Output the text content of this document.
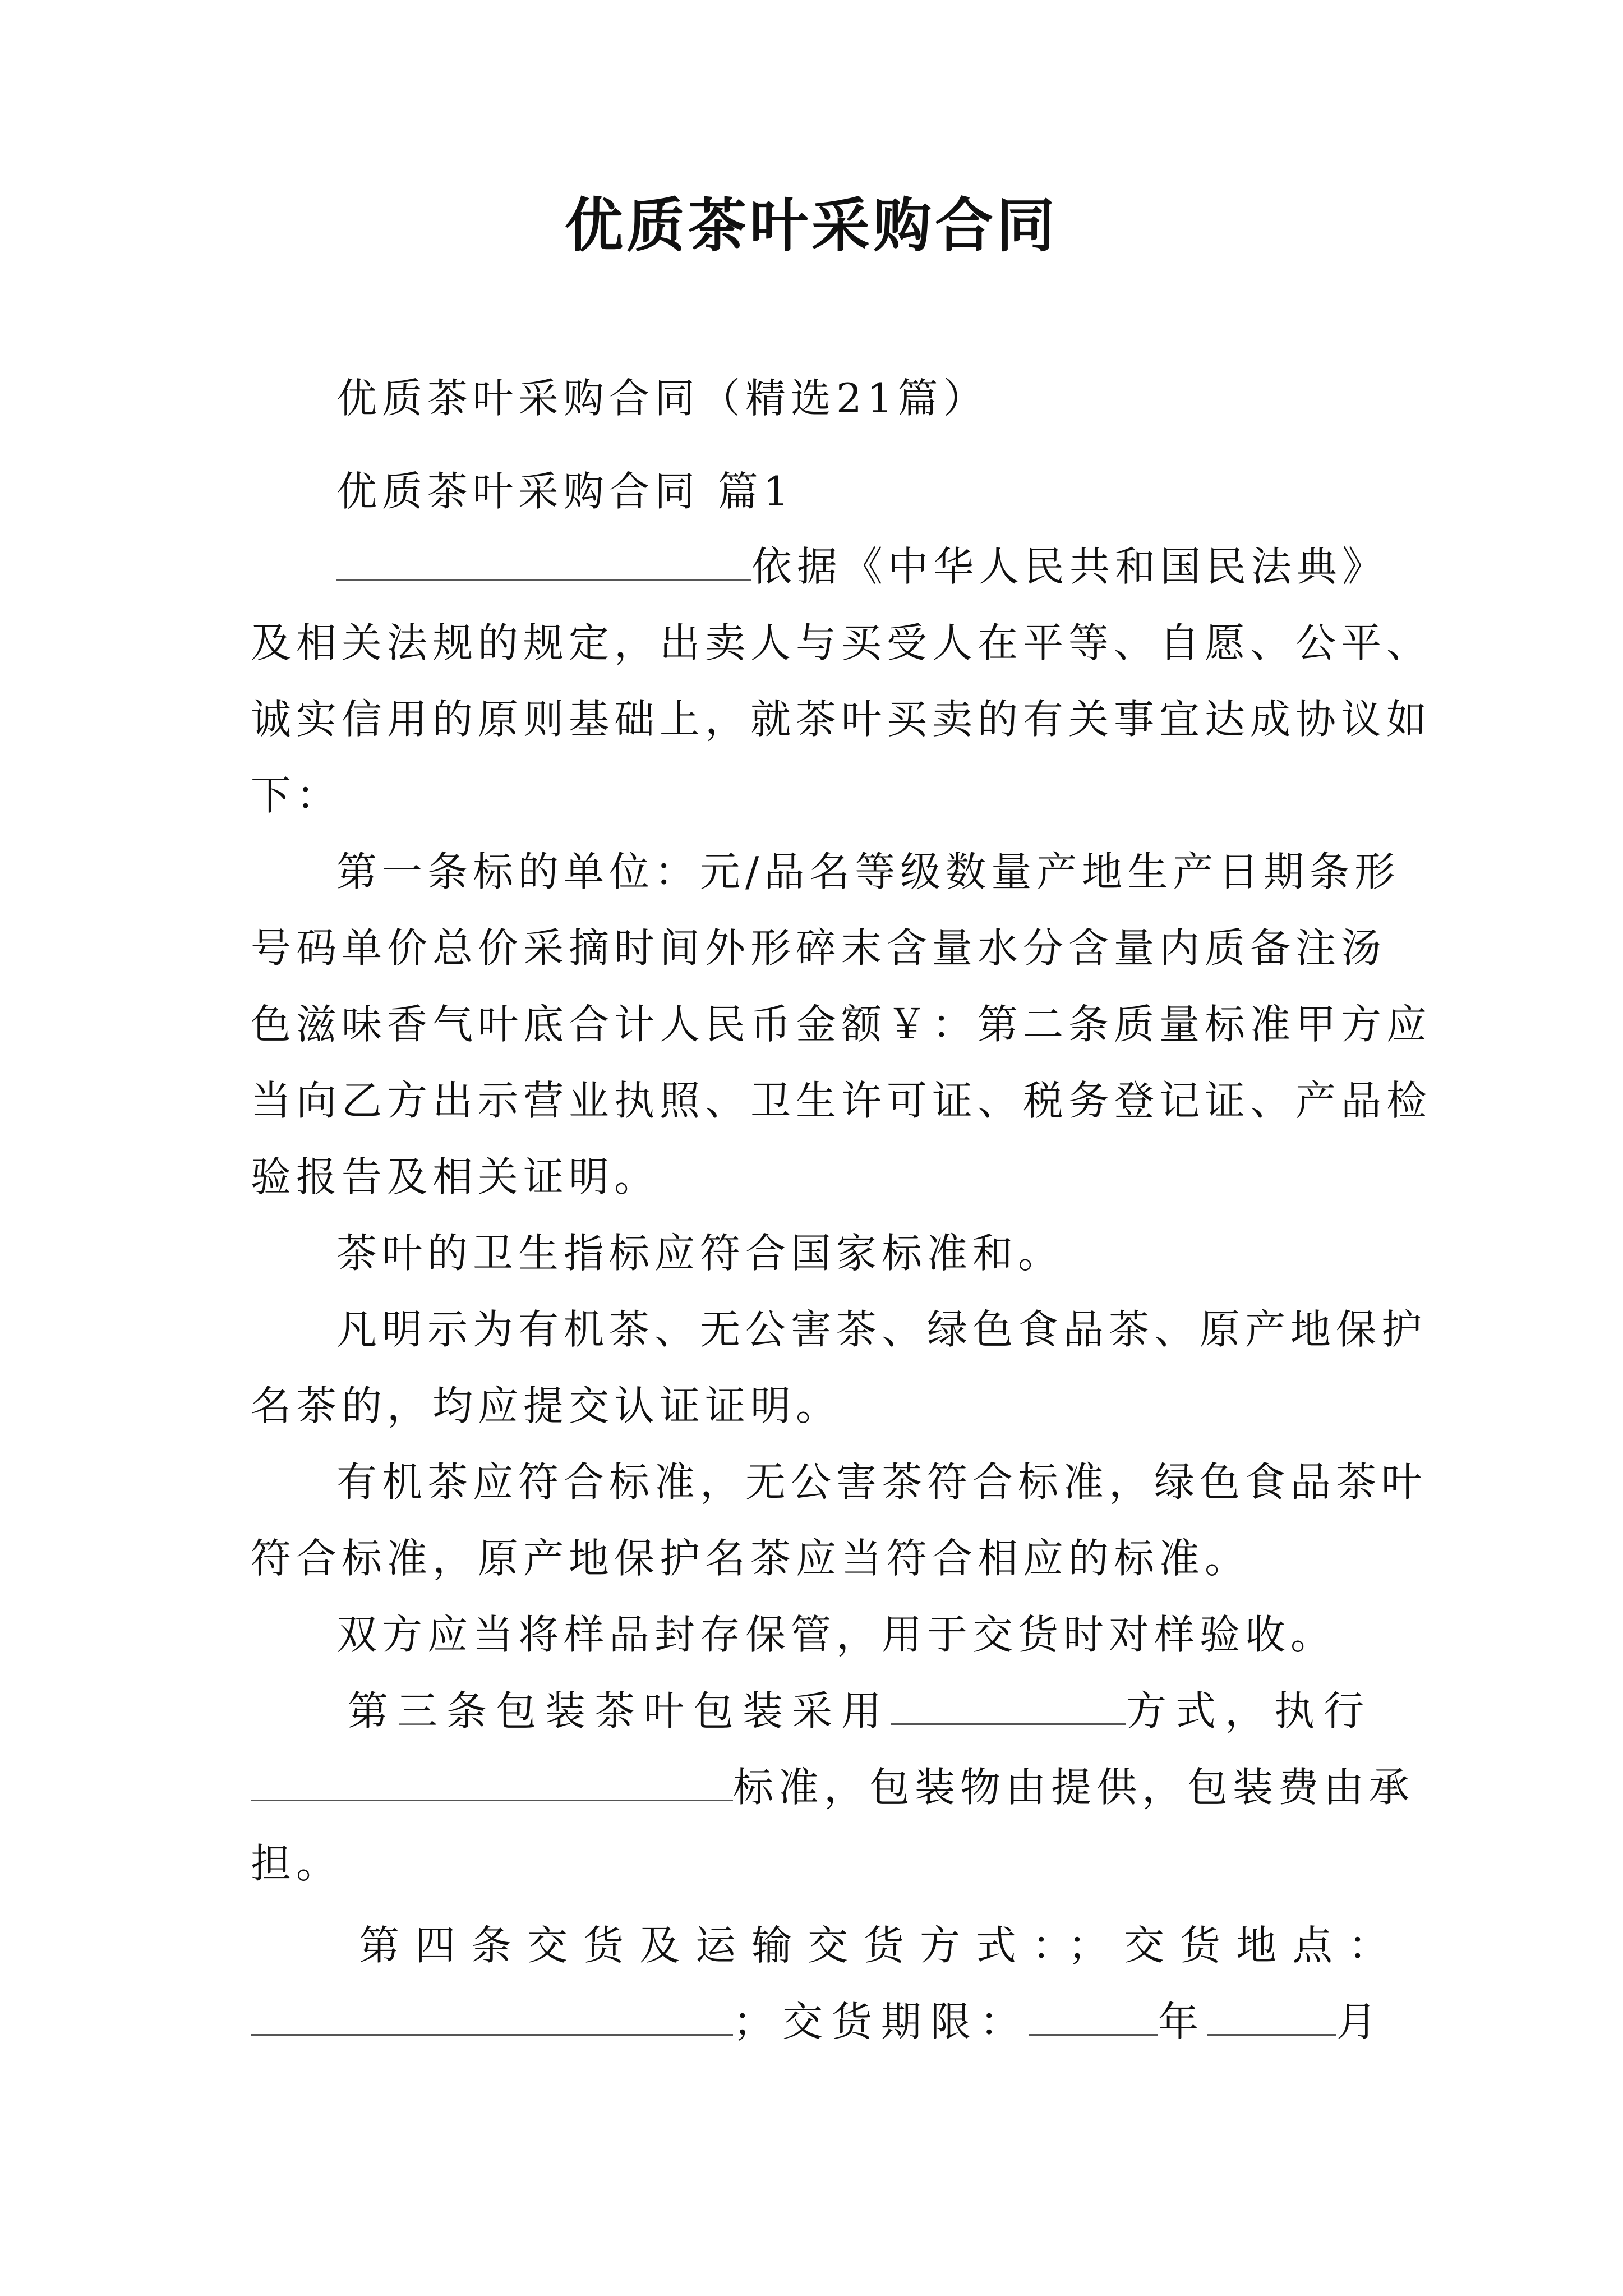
优质茶叶采购合同
优质茶叶采购合同（精选21篇）
优质茶叶采购合同 篇1
依据《中华人民共和国民法典》
及相关法规的规定，出卖人与买受人在平等、自愿、公平、
诚实信用的原则基础上，就茶叶买卖的有关事宜达成协议如
下：
第一条标的单位：元/品名等级数量产地生产日期条形
号码单价总价采摘时间外形碎末含量水分含量内质备注汤
色滋味香气叶底合计人民币金额￥：第二条质量标准甲方应
当向乙方出示营业执照、卫生许可证、税务登记证、产品检
验报告及相关证明。
茶叶的卫生指标应符合国家标准和。
凡明示为有机茶、无公害茶、绿色食品茶、原产地保护
名茶的，均应提交认证证明。
有机茶应符合标准，无公害茶符合标准，绿色食品茶叶
符合标准，原产地保护名茶应当符合相应的标准。
双方应当将样品封存保管，用于交货时对样验收。
第三条包装茶叶包装采用	方式，执行
标准，包装物由提供，包装费由承
担。
第四条交货及运输交货方式：；交货地点：
；交货期限：	年	月
